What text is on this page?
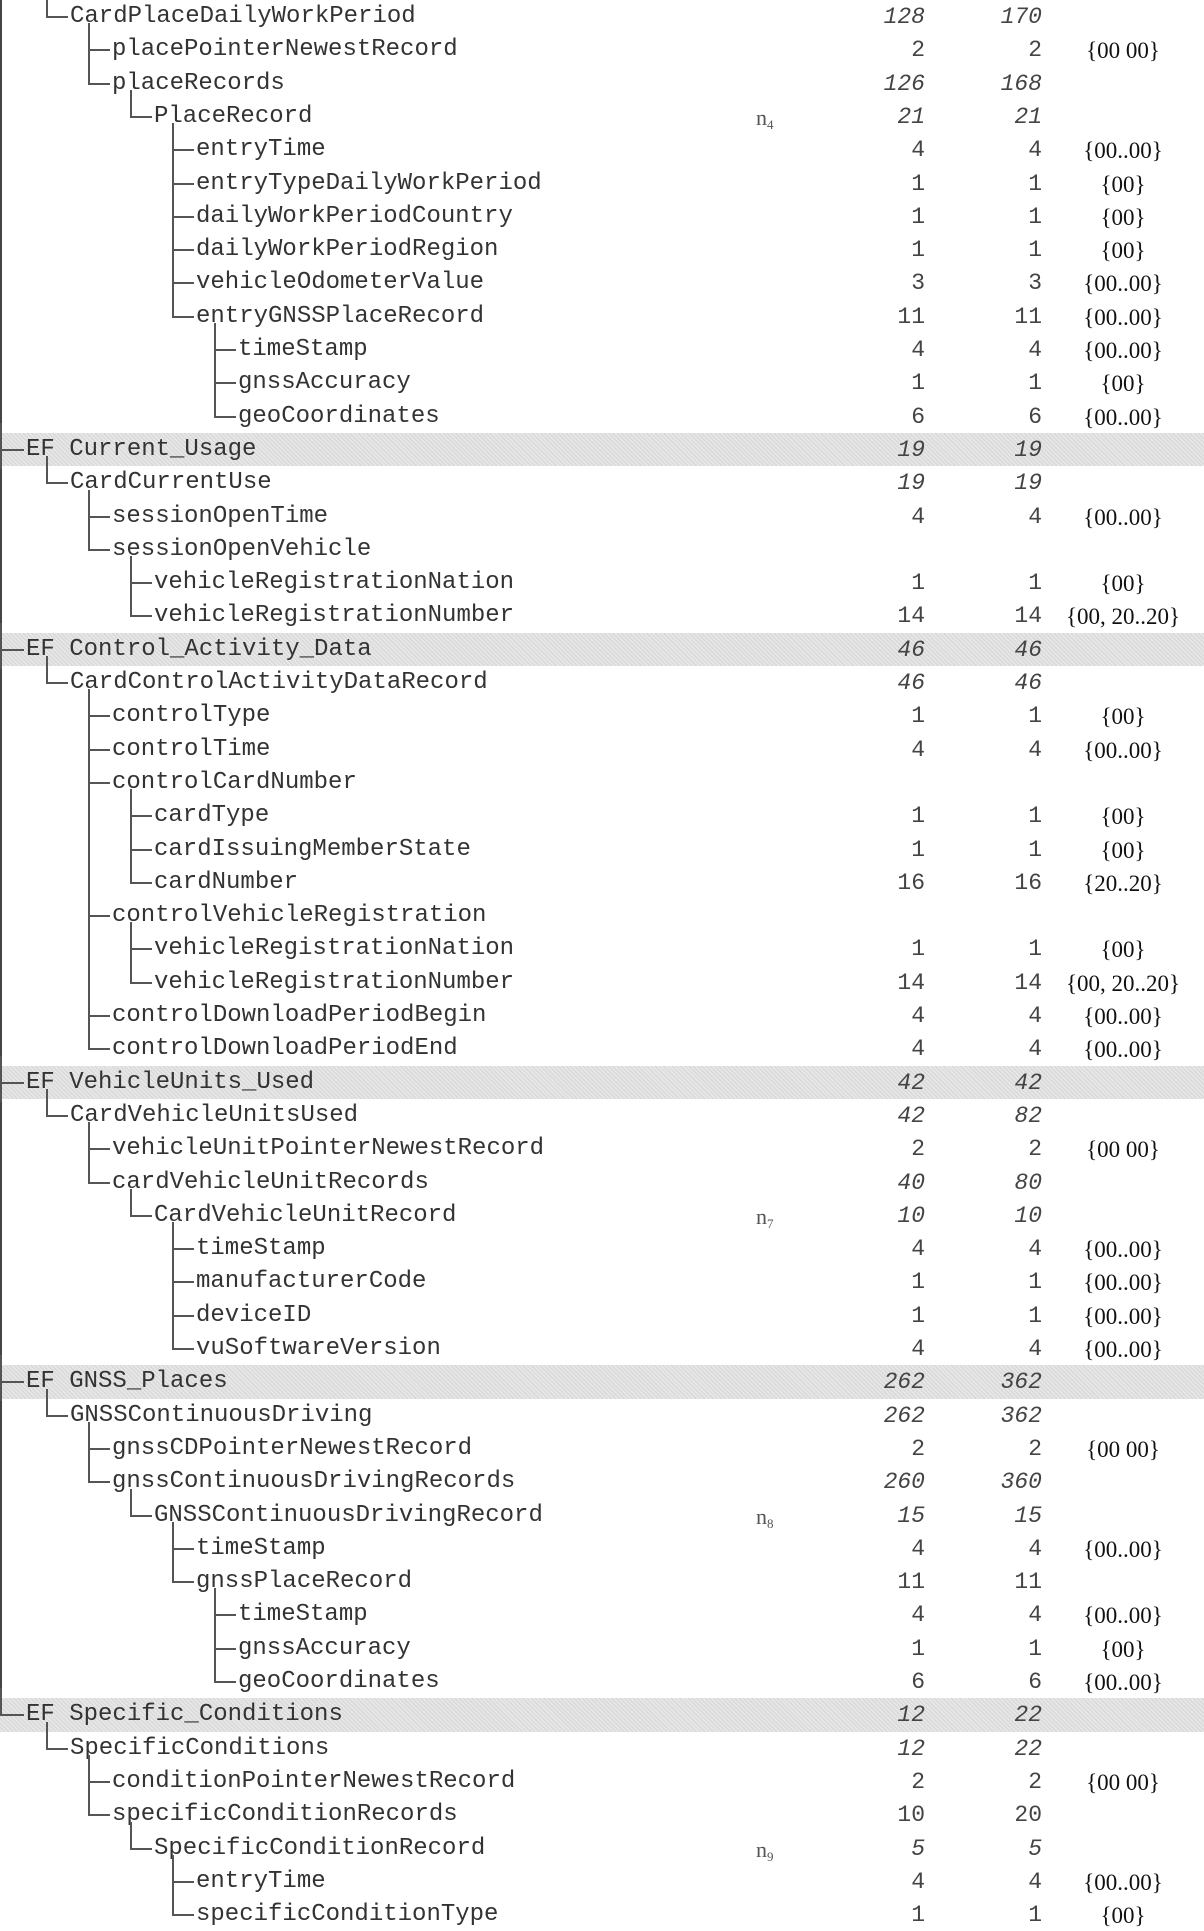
CardPlaceDailyWorkPeriod	128	170
placePointerNewestRecord	2	2	{00 00}
placeRecords	126	168
PlaceRecord	$n_4$	21	21
entryTime	4	4	{00..00}
entryTypeDailyWorkPeriod	1	1	{00}
dailyWorkPeriodCountry	1	1	{00}
dailyWorkPeriodRegion	1	1	{00}
vehicleOdometerValue	3	3	{00..00}
entryGNSSPlaceRecord	11	11	{00..00}
timeStamp	4	4	{00..00}
gnssAccuracy	1	1	{00}
geoCoordinates	6	6	{00..00}
EF Current_Usage	19	19
CardCurrentUse	19	19
sessionOpenTime	4	4	{00..00}
sessionOpenVehicle
vehicleRegistrationNation	1	1	{00}
vehicleRegistrationNumber	14	14	{00, 20..20}
EF Control_Activity_Data	46	46
CardControlActivityDataRecord	46	46
controlType	1	1	{00}
controlTime	4	4	{00..00}
controlCardNumber
cardType	1	1	{00}
cardIssuingMemberState	1	1	{00}
cardNumber	16	16	{20..20}
controlVehicleRegistration
vehicleRegistrationNation	1	1	{00}
vehicleRegistrationNumber	14	14	{00, 20..20}
controlDownloadPeriodBegin	4	4	{00..00}
controlDownloadPeriodEnd	4	4	{00..00}
EF VehicleUnits_Used	42	42
CardVehicleUnitsUsed	42	82
vehicleUnitPointerNewestRecord	2	2	{00 00}
cardVehicleUnitRecords	40	80
CardVehicleUnitRecord	$n_7$	10	10
timeStamp	4	4	{00..00}
manufacturerCode	1	1	{00..00}
deviceID	1	1	{00..00}
vuSoftwareVersion	4	4	{00..00}
EF GNSS_Places	262	362
GNSSContinuousDriving	262	362
gnssCDPointerNewestRecord	2	2	{00 00}
gnssContinuousDrivingRecords	260	360
GNSSContinuousDrivingRecord	$n_8$	15	15
timeStamp	4	4	{00..00}
gnssPlaceRecord	11	11
timeStamp	4	4	{00..00}
gnssAccuracy	1	1	{00}
geoCoordinates	6	6	{00..00}
EF Specific_Conditions	12	22
SpecificConditions	12	22
conditionPointerNewestRecord	2	2	{00 00}
specificConditionRecords	10	20
SpecificConditionRecord	$n_9$	5	5
entryTime	4	4	{00..00}
specificConditionType	1	1	{00}
